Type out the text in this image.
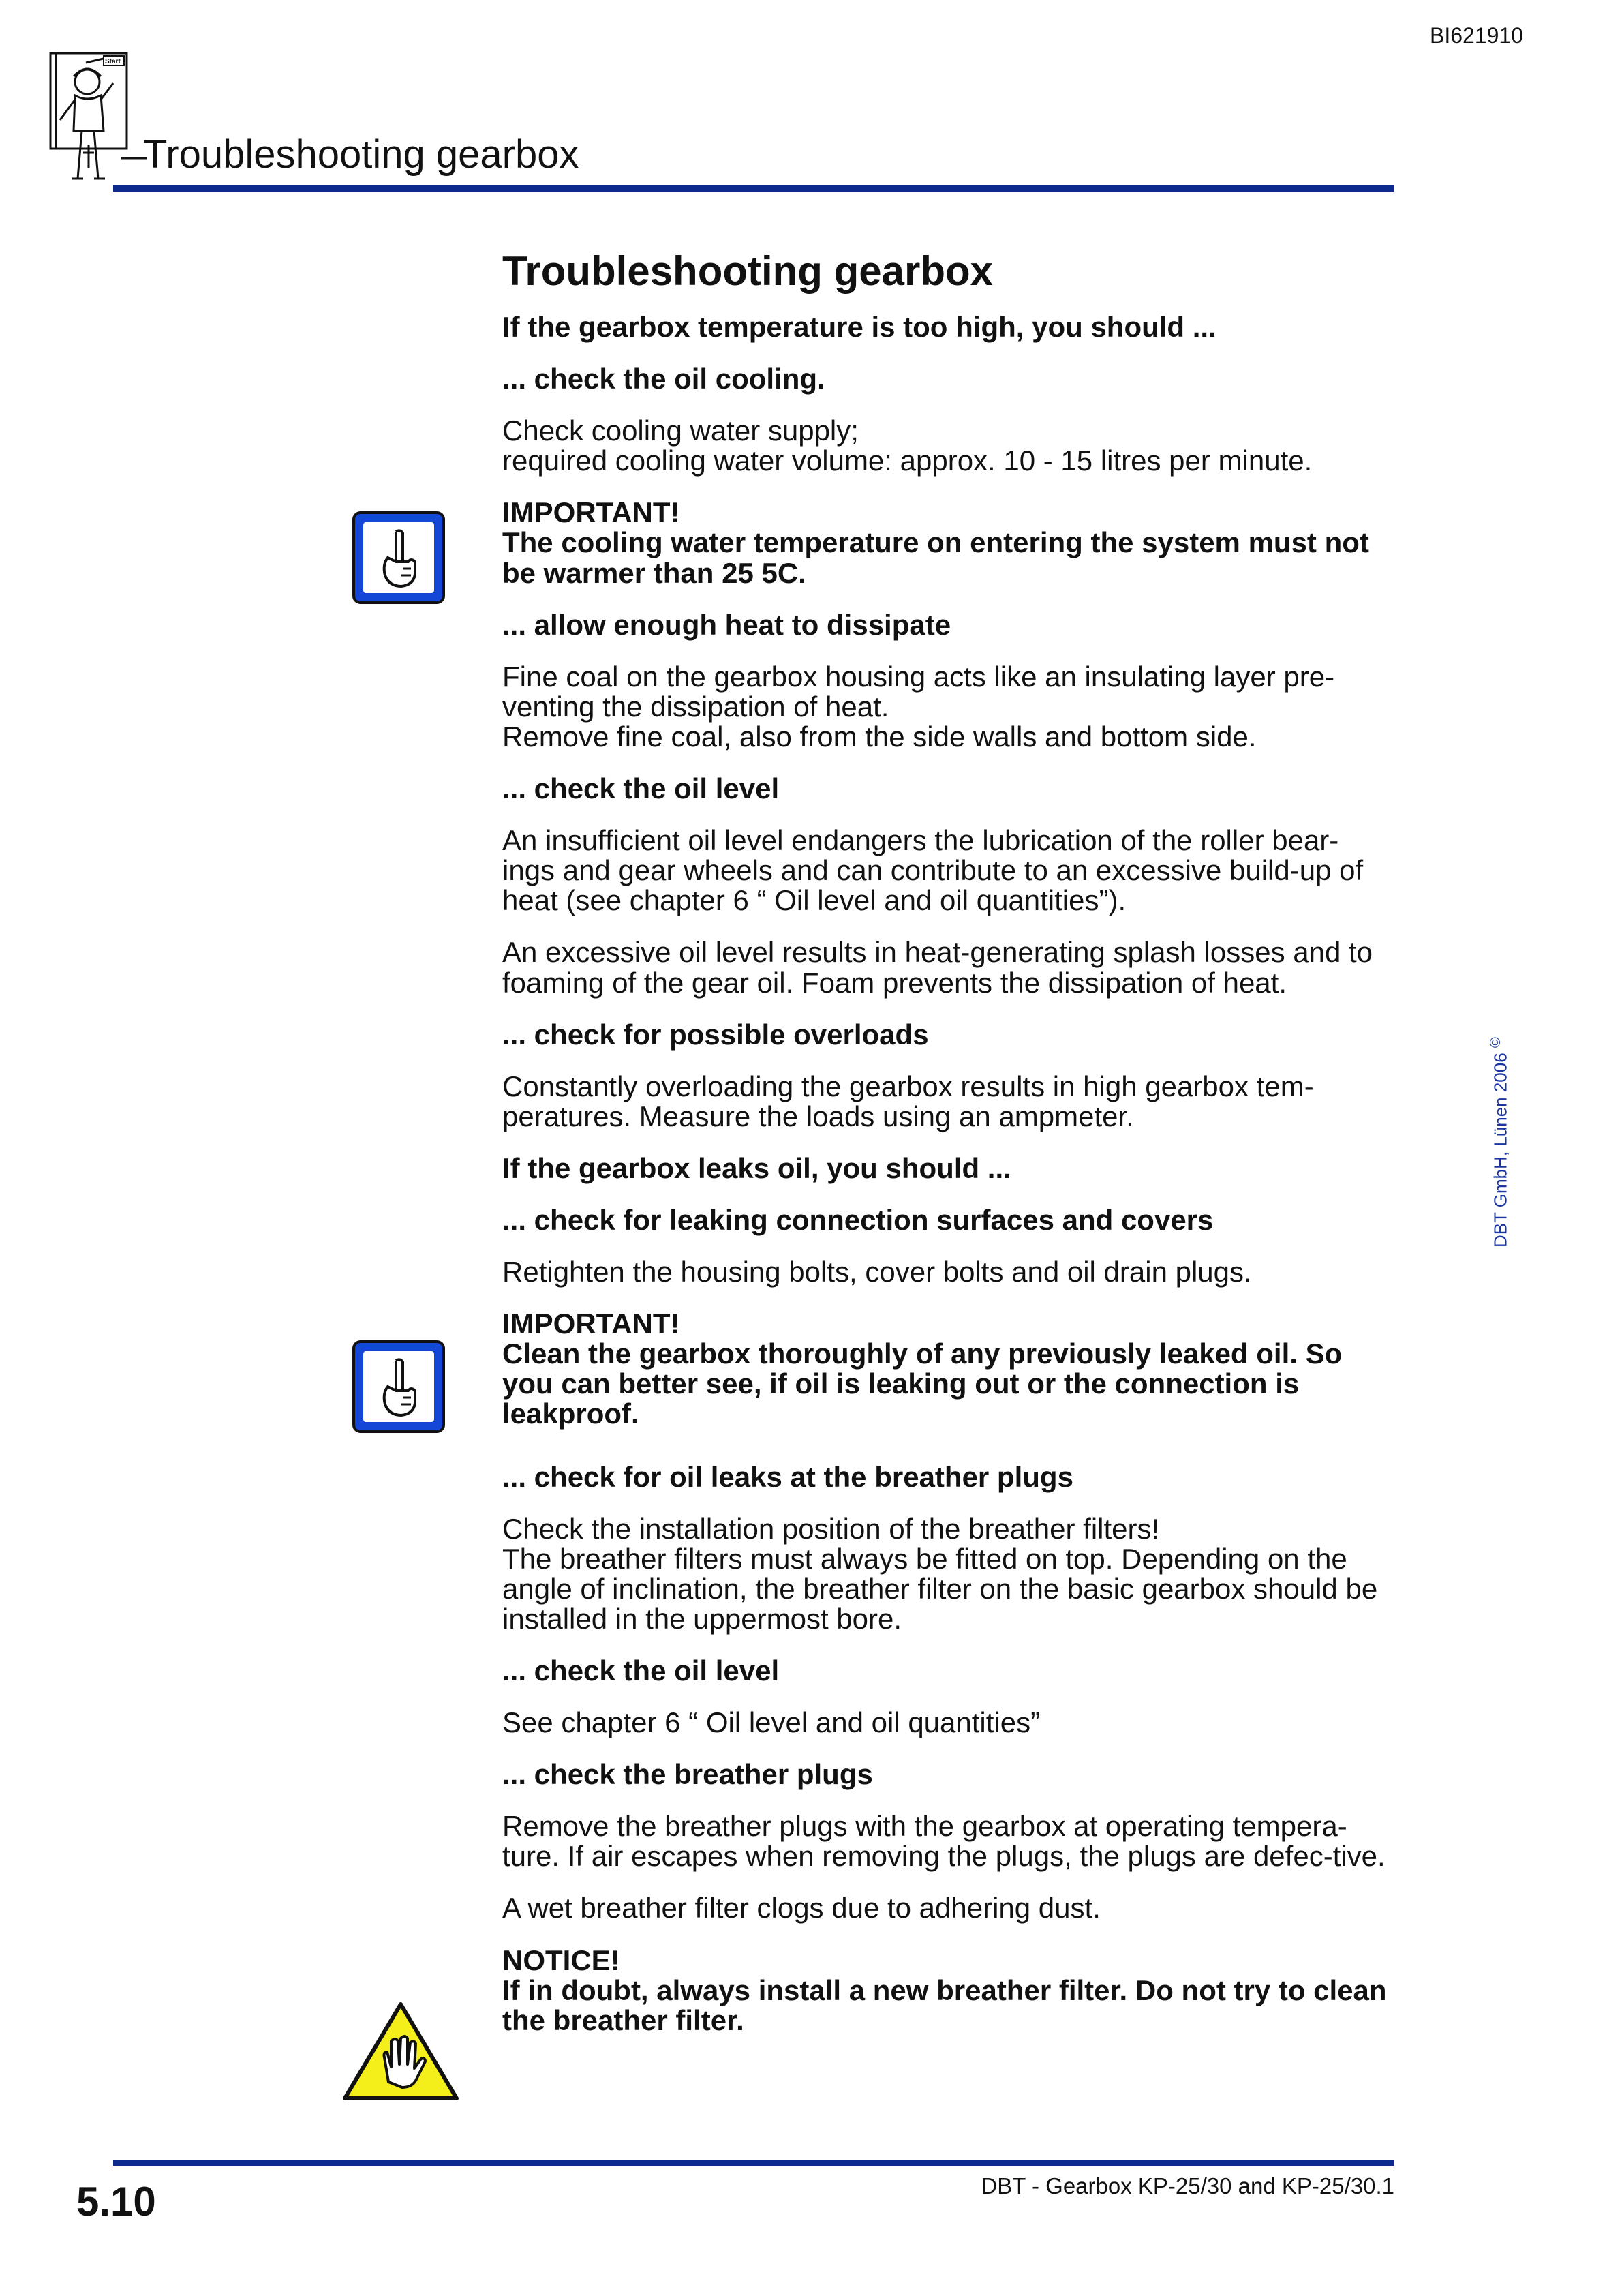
BI621910
Start
Troubleshooting gearbox
Troubleshooting gearbox

If the gearbox temperature is too high, you should ...

... check the oil cooling.

Check cooling water supply;
required cooling water volume: approx. 10 - 15 litres per minute.

IMPORTANT!
The cooling water temperature on entering the system must not be warmer than 25 5C.

... allow enough heat to dissipate

Fine coal on the gearbox housing acts like an insulating layer pre-venting the dissipation of heat.
Remove fine coal, also from the side walls and bottom side.

... check the oil level

An insufficient oil level endangers the lubrication of the roller bear-ings and gear wheels and can contribute to an excessive build-up of heat (see chapter 6 “ Oil level and oil quantities”).

An excessive oil level results in heat-generating splash losses and to foaming of the gear oil. Foam prevents the dissipation of heat.

... check for possible overloads

Constantly overloading the gearbox results in high gearbox tem-peratures. Measure the loads using an ampmeter.

If the gearbox leaks oil, you should ...

... check for leaking connection surfaces and covers

Retighten the housing bolts, cover bolts and oil drain plugs.

IMPORTANT!
Clean the gearbox thoroughly of any previously leaked oil. So you can better see, if oil is leaking out or the connection is leakproof.

... check for oil leaks at the breather plugs

Check the installation position of the breather filters!
The breather filters must always be fitted on top. Depending on the angle of inclination, the breather filter on the basic gearbox should be installed in the uppermost bore.

... check the oil level

See chapter 6 “ Oil level and oil quantities”

... check the breather plugs

Remove the breather plugs with the gearbox at operating tempera-ture. If air escapes when removing the plugs, the plugs are defec-tive.

A wet breather filter clogs due to adhering dust.

NOTICE!
If in doubt, always install a new breather filter. Do not try to clean the breather filter.

DBT GmbH, Lünen 2006 ©
5.10	DBT - Gearbox KP-25/30 and KP-25/30.1
